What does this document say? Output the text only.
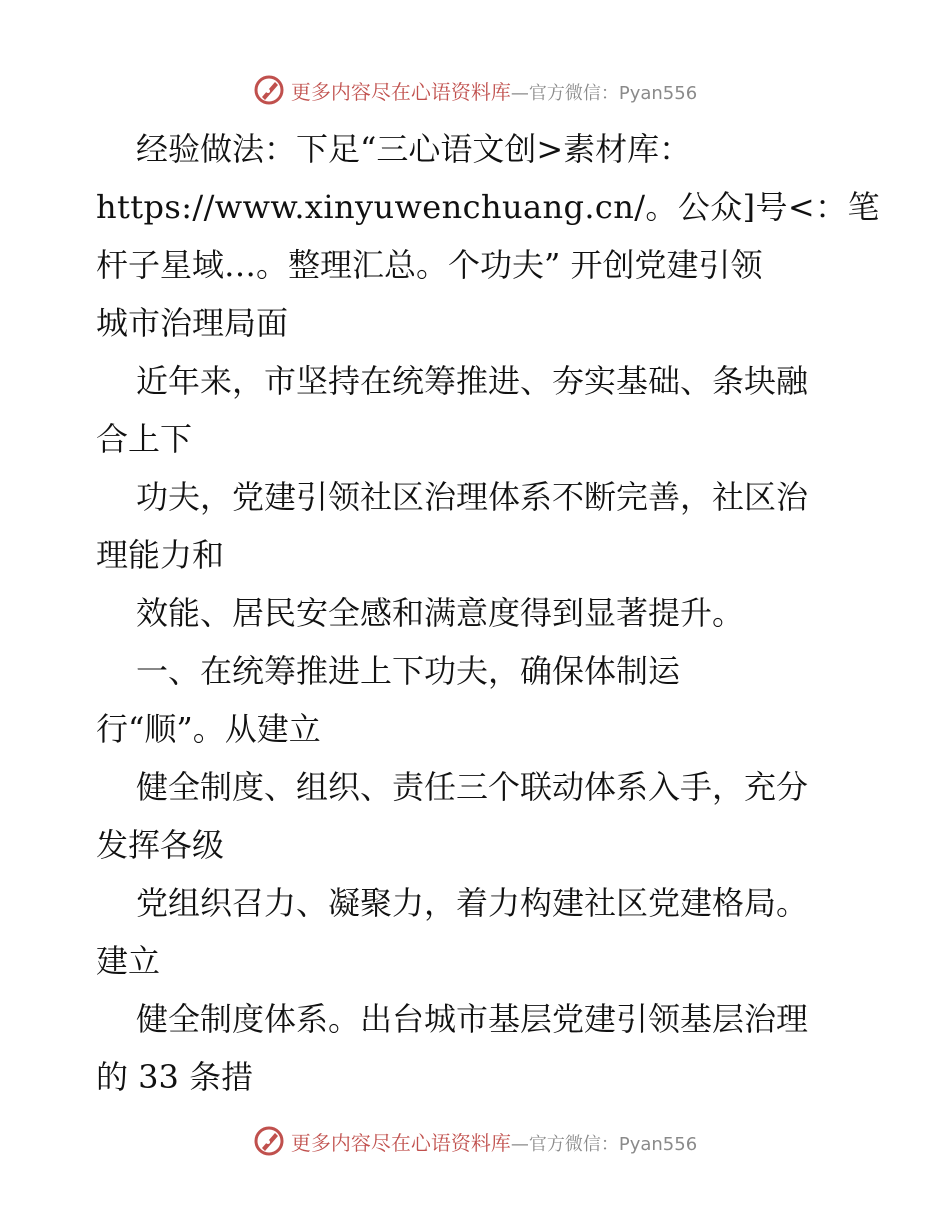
更多内容尽在心语资料库—官方微信：Pyan556
经验做法：下足“三心语文创>素材库：
https://www.xinyuwenchuang.cn/。公众]号<：笔
杆子星域…。整理汇总。个功夫” 开创党建引领
城市治理局面
近年来，市坚持在统筹推进、夯实基础、条块融
合上下
功夫，党建引领社区治理体系不断完善，社区治
理能力和
效能、居民安全感和满意度得到显著提升。
一、在统筹推进上下功夫，确保体制运
行“顺”。从建立
健全制度、组织、责任三个联动体系入手，充分
发挥各级
党组织召力、凝聚力，着力构建社区党建格局。
建立
健全制度体系。出台城市基层党建引领基层治理
的 33 条措
更多内容尽在心语资料库—官方微信：Pyan556
